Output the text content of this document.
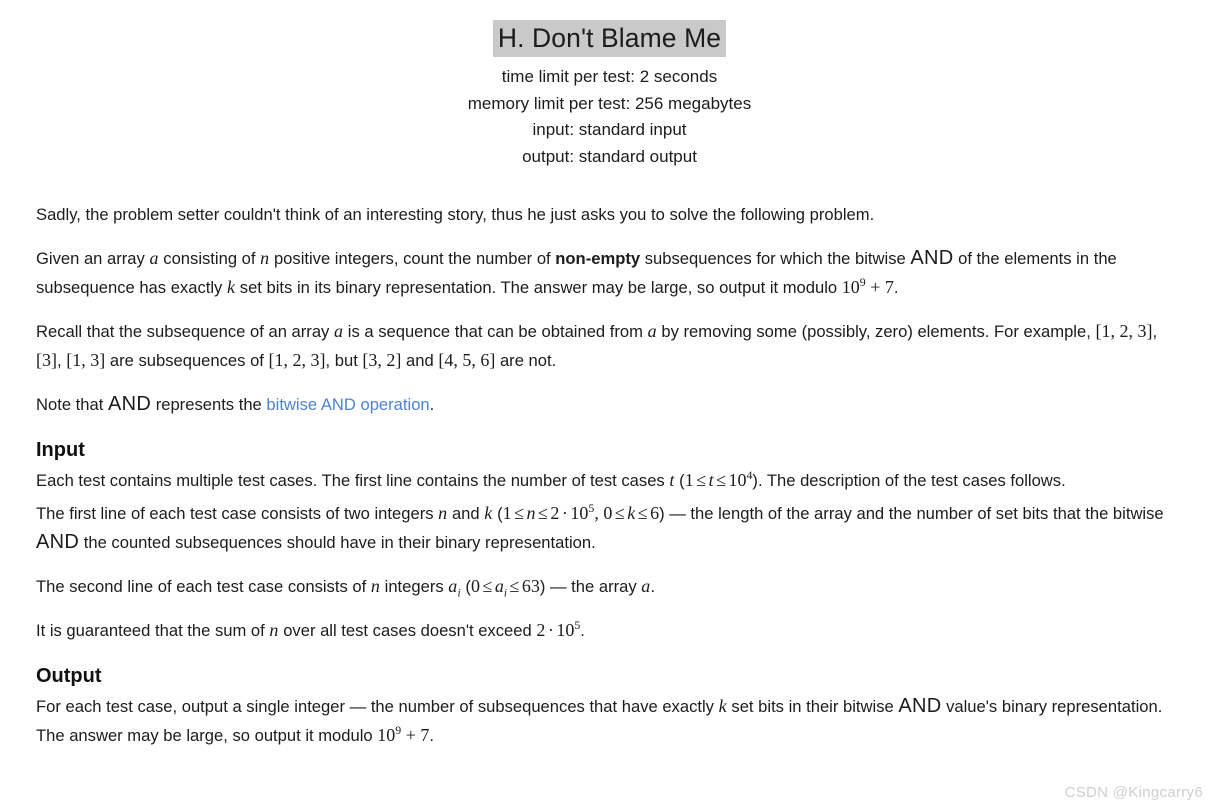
H. Don't Blame Me
time limit per test: 2 seconds
memory limit per test: 256 megabytes
input: standard input
output: standard output

Sadly, the problem setter couldn't think of an interesting story, thus he just asks you to solve the following problem.

Given an array a consisting of n positive integers, count the number of non-empty subsequences for which the bitwise AND of the elements in the subsequence has exactly k set bits in its binary representation. The answer may be large, so output it modulo $10^9 + 7$.

Recall that the subsequence of an array a is a sequence that can be obtained from a by removing some (possibly, zero) elements. For example, [1, 2, 3], [3], [1, 3] are subsequences of [1, 2, 3], but [3, 2] and [4, 5, 6] are not.

Note that AND represents the bitwise AND operation.

Input

Each test contains multiple test cases. The first line contains the number of test cases t $(1 \le t \le 10^4)$. The description of the test cases follows.

The first line of each test case consists of two integers n and k ($1 \le n \le 2 \cdot 10^5$, 0 ≤ k ≤ 6) — the length of the array and the number of set bits that the bitwise AND the counted subsequences should have in their binary representation.

The second line of each test case consists of n integers $a_i$ $(0 \le a_i \le 63)$ — the array a.

It is guaranteed that the sum of n over all test cases doesn't exceed $2 \cdot 10^5$.

Output

For each test case, output a single integer — the number of subsequences that have exactly k set bits in their bitwise AND value's binary representation. The answer may be large, so output it modulo $10^9 + 7$.

CSDN @Kingcarry6
